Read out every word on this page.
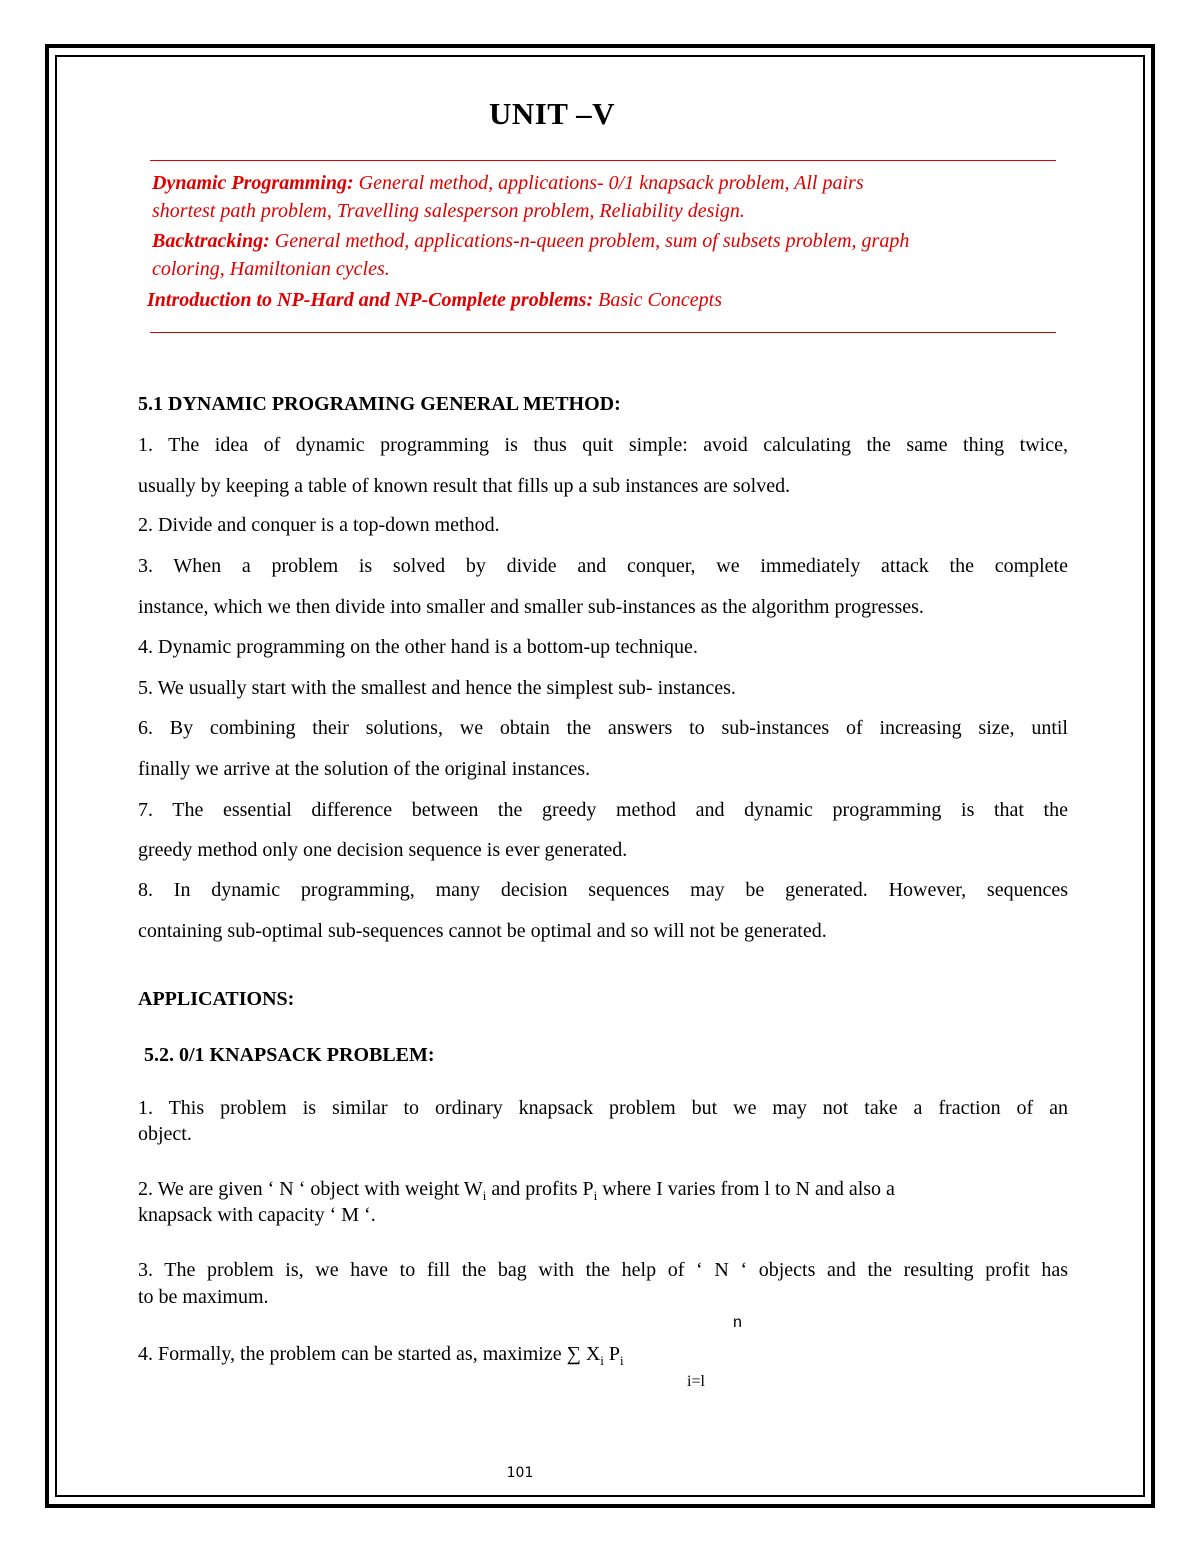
UNIT –V
Dynamic Programming: General method, applications- 0/1 knapsack problem, All pairs
shortest path problem, Travelling salesperson problem, Reliability design.
Backtracking: General method, applications-n-queen problem, sum of subsets problem, graph
coloring, Hamiltonian cycles.
Introduction to NP-Hard and NP-Complete problems: Basic Concepts
5.1 DYNAMIC PROGRAMING GENERAL METHOD:
1. The idea of dynamic programming is thus quit simple: avoid calculating the same thing twice,
usually by keeping a table of known result that fills up a sub instances are solved.
2. Divide and conquer is a top-down method.
3. When a problem is solved by divide and conquer, we immediately attack the complete
instance, which we then divide into smaller and smaller sub-instances as the algorithm progresses.
4. Dynamic programming on the other hand is a bottom-up technique.
5. We usually start with the smallest and hence the simplest sub- instances.
6. By combining their solutions, we obtain the answers to sub-instances of increasing size, until
finally we arrive at the solution of the original instances.
7. The essential difference between the greedy method and dynamic programming is that the
greedy method only one decision sequence is ever generated.
8. In dynamic programming, many decision sequences may be generated. However, sequences
containing sub-optimal sub-sequences cannot be optimal and so will not be generated.
APPLICATIONS:
5.2. 0/1 KNAPSACK PROBLEM:
1. This problem is similar to ordinary knapsack problem but we may not take a fraction of an
object.
2. We are given ‘ N ‘ object with weight $W_i$ and profits $P_i$ where I varies from l to N and also a
knapsack with capacity ‘ M ‘.
3. The problem is, we have to fill the bag with the help of ‘ N ‘ objects and the resulting profit has
to be maximum.
n
4. Formally, the problem can be started as, maximize ∑ $X_i$ $P_i$
i=l
101
